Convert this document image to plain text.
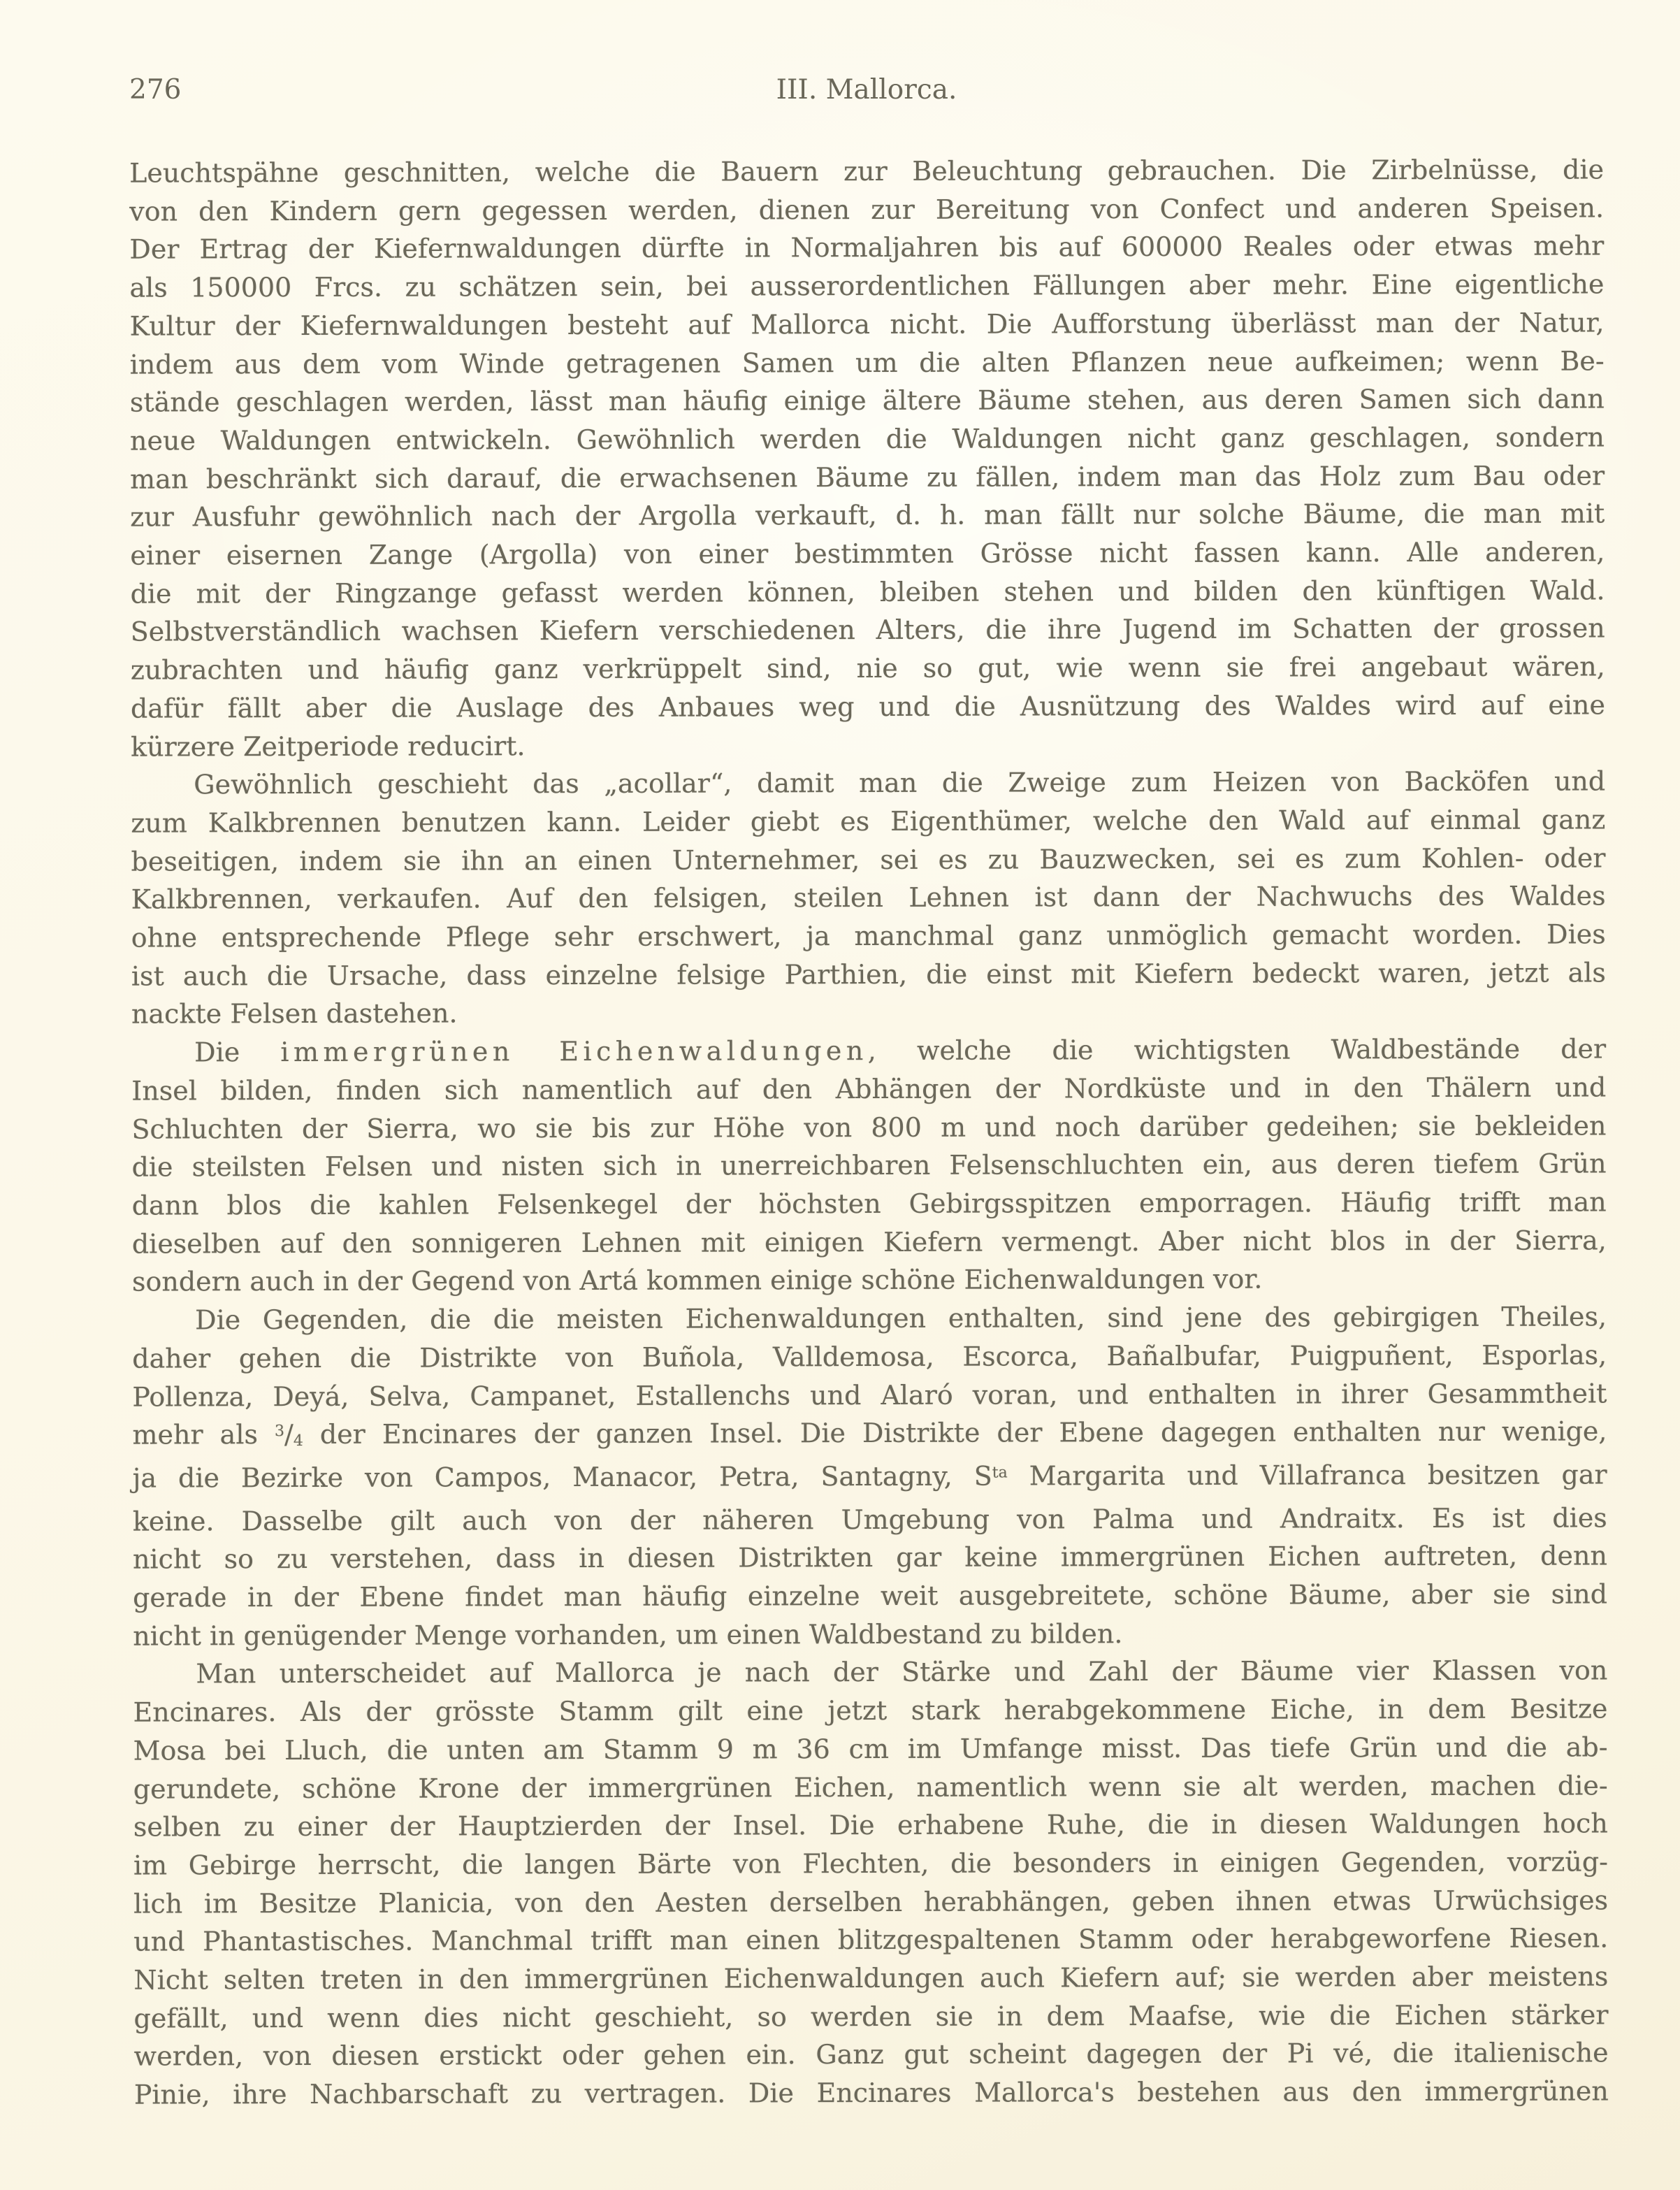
276	III. Mallorca.
Leuchtspähne geschnitten, welche die Bauern zur Beleuchtung gebrauchen. Die Zirbelnüsse, die
von den Kindern gern gegessen werden, dienen zur Bereitung von Confect und anderen Speisen.
Der Ertrag der Kiefernwaldungen dürfte in Normaljahren bis auf 600000 Reales oder etwas mehr
als 150000 Frcs. zu schätzen sein, bei ausserordentlichen Fällungen aber mehr. Eine eigentliche
Kultur der Kiefernwaldungen besteht auf Mallorca nicht. Die Aufforstung überlässt man der Natur,
indem aus dem vom Winde getragenen Samen um die alten Pflanzen neue aufkeimen; wenn Be-
stände geschlagen werden, lässt man häufig einige ältere Bäume stehen, aus deren Samen sich dann
neue Waldungen entwickeln. Gewöhnlich werden die Waldungen nicht ganz geschlagen, sondern
man beschränkt sich darauf, die erwachsenen Bäume zu fällen, indem man das Holz zum Bau oder
zur Ausfuhr gewöhnlich nach der Argolla verkauft, d. h. man fällt nur solche Bäume, die man mit
einer eisernen Zange (Argolla) von einer bestimmten Grösse nicht fassen kann. Alle anderen,
die mit der Ringzange gefasst werden können, bleiben stehen und bilden den künftigen Wald.
Selbstverständlich wachsen Kiefern verschiedenen Alters, die ihre Jugend im Schatten der grossen
zubrachten und häufig ganz verkrüppelt sind, nie so gut, wie wenn sie frei angebaut wären,
dafür fällt aber die Auslage des Anbaues weg und die Ausnützung des Waldes wird auf eine
kürzere Zeitperiode reducirt.
Gewöhnlich geschieht das „acollar“, damit man die Zweige zum Heizen von Backöfen und
zum Kalkbrennen benutzen kann. Leider giebt es Eigenthümer, welche den Wald auf einmal ganz
beseitigen, indem sie ihn an einen Unternehmer, sei es zu Bauzwecken, sei es zum Kohlen- oder
Kalkbrennen, verkaufen. Auf den felsigen, steilen Lehnen ist dann der Nachwuchs des Waldes
ohne entsprechende Pflege sehr erschwert, ja manchmal ganz unmöglich gemacht worden. Dies
ist auch die Ursache, dass einzelne felsige Parthien, die einst mit Kiefern bedeckt waren, jetzt als
nackte Felsen dastehen.
Die immergrünen Eichenwaldungen, welche die wichtigsten Waldbestände der
Insel bilden, finden sich namentlich auf den Abhängen der Nordküste und in den Thälern und
Schluchten der Sierra, wo sie bis zur Höhe von 800 m und noch darüber gedeihen; sie bekleiden
die steilsten Felsen und nisten sich in unerreichbaren Felsenschluchten ein, aus deren tiefem Grün
dann blos die kahlen Felsenkegel der höchsten Gebirgsspitzen emporragen. Häufig trifft man
dieselben auf den sonnigeren Lehnen mit einigen Kiefern vermengt. Aber nicht blos in der Sierra,
sondern auch in der Gegend von Artá kommen einige schöne Eichenwaldungen vor.
Die Gegenden, die die meisten Eichenwaldungen enthalten, sind jene des gebirgigen Theiles,
daher gehen die Distrikte von Buñola, Valldemosa, Escorca, Bañalbufar, Puigpuñent, Esporlas,
Pollenza, Deyá, Selva, Campanet, Estallenchs und Alaró voran, und enthalten in ihrer Gesammtheit
mehr als $^3$/4 der Encinares der ganzen Insel. Die Distrikte der Ebene dagegen enthalten nur wenige,
ja die Bezirke von Campos, Manacor, Petra, Santagny, $S^{ta}$ Margarita und Villafranca besitzen gar
keine. Dasselbe gilt auch von der näheren Umgebung von Palma und Andraitx. Es ist dies
nicht so zu verstehen, dass in diesen Distrikten gar keine immergrünen Eichen auftreten, denn
gerade in der Ebene findet man häufig einzelne weit ausgebreitete, schöne Bäume, aber sie sind
nicht in genügender Menge vorhanden, um einen Waldbestand zu bilden.
Man unterscheidet auf Mallorca je nach der Stärke und Zahl der Bäume vier Klassen von
Encinares. Als der grösste Stamm gilt eine jetzt stark herabgekommene Eiche, in dem Besitze
Mosa bei Lluch, die unten am Stamm 9 m 36 cm im Umfange misst. Das tiefe Grün und die ab-
gerundete, schöne Krone der immergrünen Eichen, namentlich wenn sie alt werden, machen die-
selben zu einer der Hauptzierden der Insel. Die erhabene Ruhe, die in diesen Waldungen hoch
im Gebirge herrscht, die langen Bärte von Flechten, die besonders in einigen Gegenden, vorzüg-
lich im Besitze Planicia, von den Aesten derselben herabhängen, geben ihnen etwas Urwüchsiges
und Phantastisches. Manchmal trifft man einen blitzgespaltenen Stamm oder herabgeworfene Riesen.
Nicht selten treten in den immergrünen Eichenwaldungen auch Kiefern auf; sie werden aber meistens
gefällt, und wenn dies nicht geschieht, so werden sie in dem Maafse, wie die Eichen stärker
werden, von diesen erstickt oder gehen ein. Ganz gut scheint dagegen der Pi vé, die italienische
Pinie, ihre Nachbarschaft zu vertragen. Die Encinares Mallorca's bestehen aus den immergrünen
